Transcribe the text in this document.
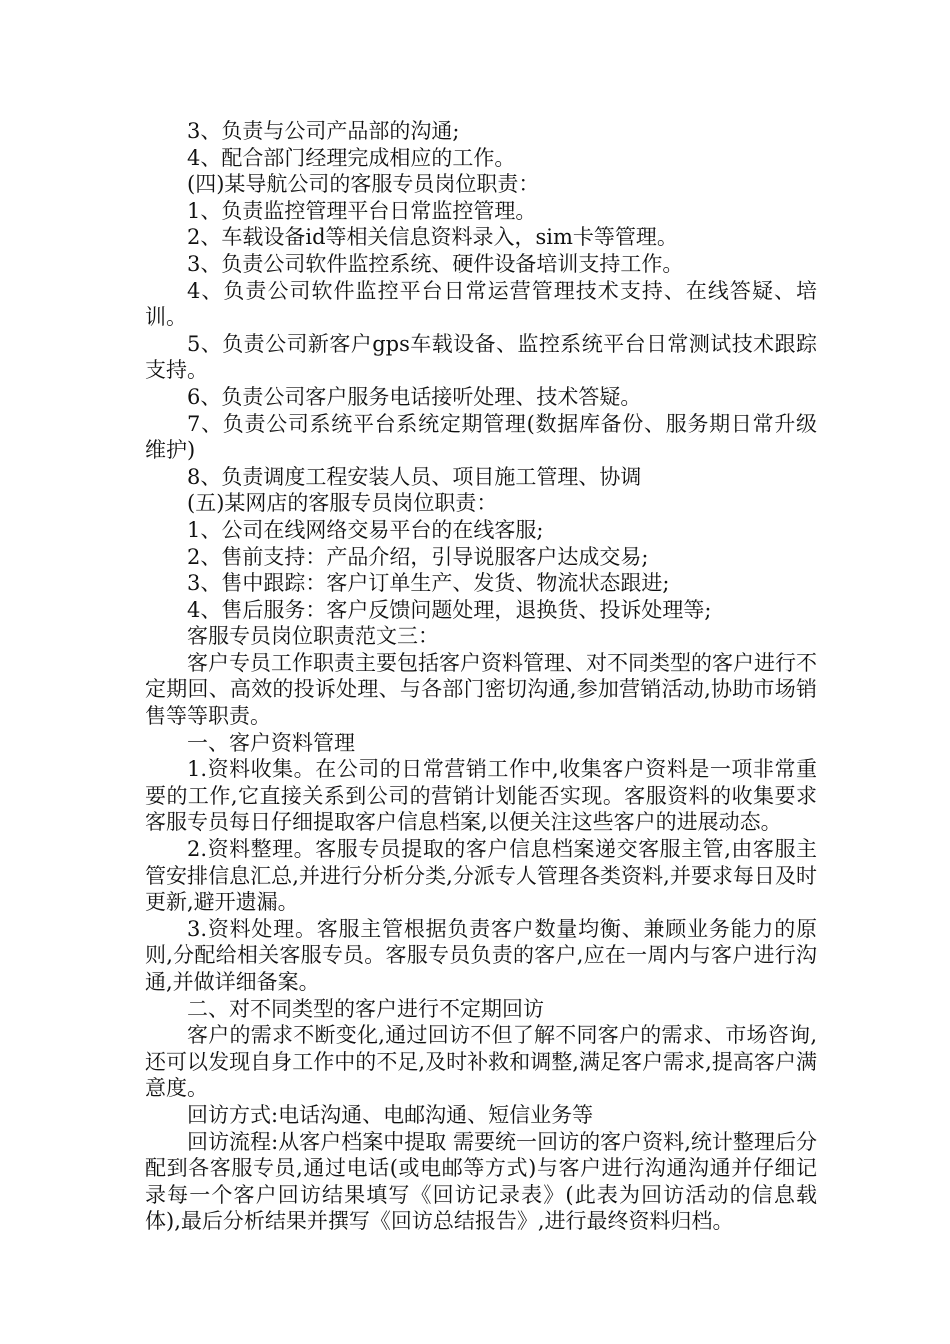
3、负责与公司产品部的沟通;

4、配合部门经理完成相应的工作。

(四)某导航公司的客服专员岗位职责：

1、负责监控管理平台日常监控管理。

2、车载设备id等相关信息资料录入，sim卡等管理。

3、负责公司软件监控系统、硬件设备培训支持工作。

4、负责公司软件监控平台日常运营管理技术支持、在线答疑、培训。

5、负责公司新客户gps车载设备、监控系统平台日常测试技术跟踪支持。

6、负责公司客户服务电话接听处理、技术答疑。

7、负责公司系统平台系统定期管理(数据库备份、服务期日常升级维护)

8、负责调度工程安装人员、项目施工管理、协调

(五)某网店的客服专员岗位职责：

1、公司在线网络交易平台的在线客服;

2、售前支持：产品介绍，引导说服客户达成交易;

3、售中跟踪：客户订单生产、发货、物流状态跟进;

4、售后服务：客户反馈问题处理，退换货、投诉处理等;

客服专员岗位职责范文三：

客户专员工作职责主要包括客户资料管理、对不同类型的客户进行不定期回、高效的投诉处理、与各部门密切沟通,参加营销活动,协助市场销售等等职责。

一、客户资料管理

1.资料收集。在公司的日常营销工作中,收集客户资料是一项非常重要的工作,它直接关系到公司的营销计划能否实现。客服资料的收集要求客服专员每日仔细提取客户信息档案,以便关注这些客户的进展动态。

2.资料整理。客服专员提取的客户信息档案递交客服主管,由客服主管安排信息汇总,并进行分析分类,分派专人管理各类资料,并要求每日及时更新,避开遗漏。

3.资料处理。客服主管根据负责客户数量均衡、兼顾业务能力的原则,分配给相关客服专员。客服专员负责的客户,应在一周内与客户进行沟通,并做详细备案。

二、对不同类型的客户进行不定期回访

客户的需求不断变化,通过回访不但了解不同客户的需求、市场咨询,还可以发现自身工作中的不足,及时补救和调整,满足客户需求,提高客户满意度。

回访方式:电话沟通、电邮沟通、短信业务等

回访流程:从客户档案中提取 需要统一回访的客户资料,统计整理后分配到各客服专员,通过电话(或电邮等方式)与客户进行沟通沟通并仔细记录每一个客户回访结果填写《回访记录表》(此表为回访活动的信息载体),最后分析结果并撰写《回访总结报告》,进行最终资料归档。
